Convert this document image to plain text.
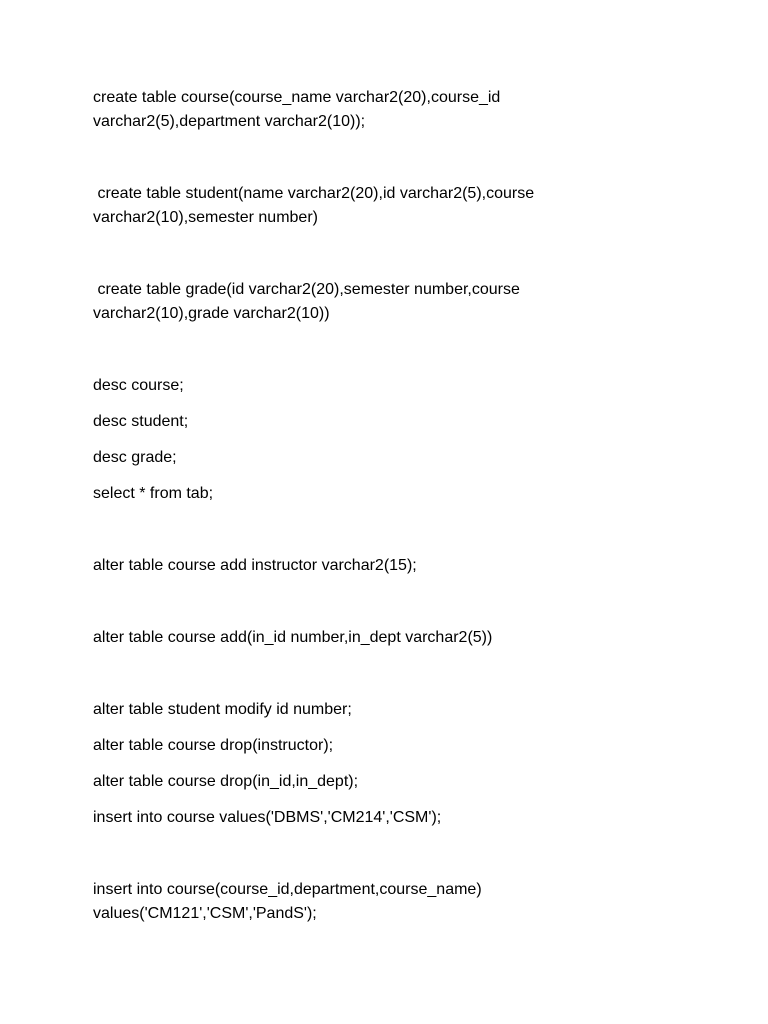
create table course(course_name varchar2(20),course_id

varchar2(5),department varchar2(10));

create table student(name varchar2(20),id varchar2(5),course

varchar2(10),semester number)

create table grade(id varchar2(20),semester number,course

varchar2(10),grade varchar2(10))

desc course;

desc student;

desc grade;

select * from tab;

alter table course add instructor varchar2(15);

alter table course add(in_id number,in_dept varchar2(5))

alter table student modify id number;

alter table course drop(instructor);

alter table course drop(in_id,in_dept);

insert into course values('DBMS','CM214','CSM');

insert into course(course_id,department,course_name)

values('CM121','CSM','PandS');
